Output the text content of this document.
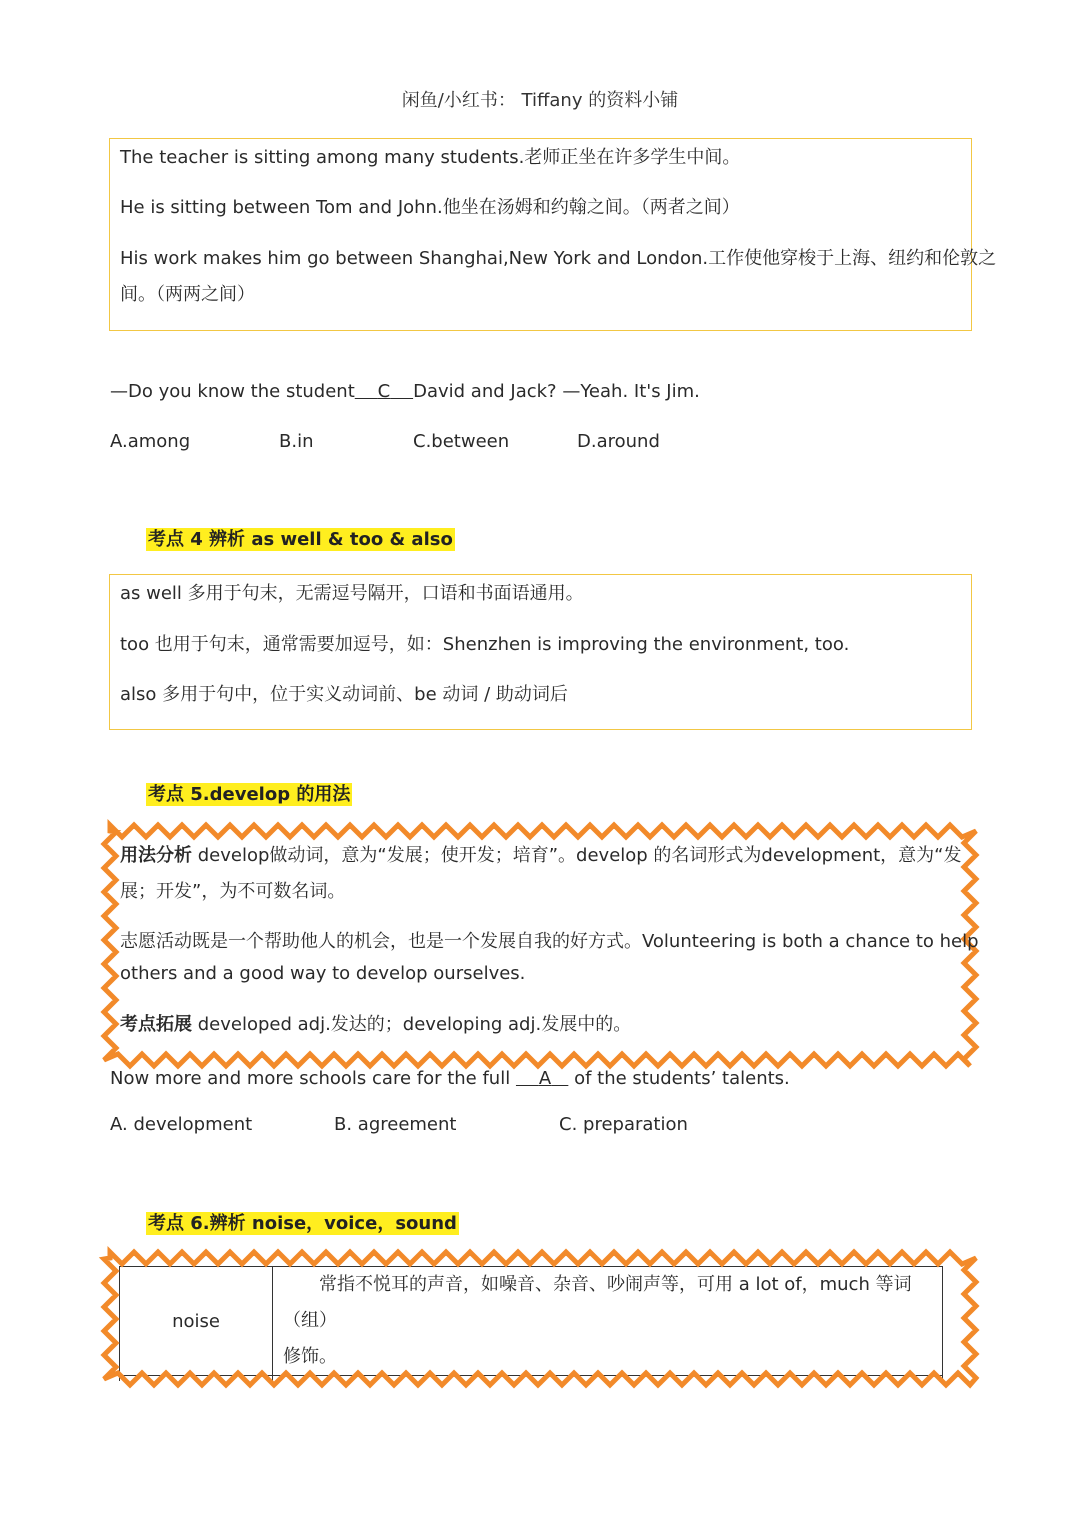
闲鱼/小红书： Tiffany 的资料小铺
The teacher is sitting among many students.老师正坐在许多学生中间。
He is sitting between Tom and John.他坐在汤姆和约翰之间。（两者之间）
His work makes him go between Shanghai,New York and London.工作使他穿梭于上海、纽约和伦敦之
间。（两两之间）
—Do you know the student C David and Jack? —Yeah. It's Jim.
A.among	B.in	C.between	D.around
考点 4 辨析 as well & too & also
as well 多用于句末，无需逗号隔开，口语和书面语通用。
too 也用于句末，通常需要加逗号，如：Shenzhen is improving the environment, too.
also 多用于句中，位于实义动词前、be 动词 / 助动词后
考点 5.develop 的用法
用法分析 develop做动词，意为“发展；使开发；培育”。develop 的名词形式为development，意为“发
展；开发”，为不可数名词。
志愿活动既是一个帮助他人的机会，也是一个发展自我的好方式。Volunteering is both a chance to help
others and a good way to develop ourselves.
考点拓展 developed adj.发达的；developing adj.发展中的。
Now more and more schools care for the full     A    of the students’ talents.
A. development	B. agreement	C. preparation
考点 6.辨析 noise，voice，sound
noise	常指不悦耳的声音，如噪音、杂音、吵闹声等，可用 a lot of，much 等词（组）
修饰。
